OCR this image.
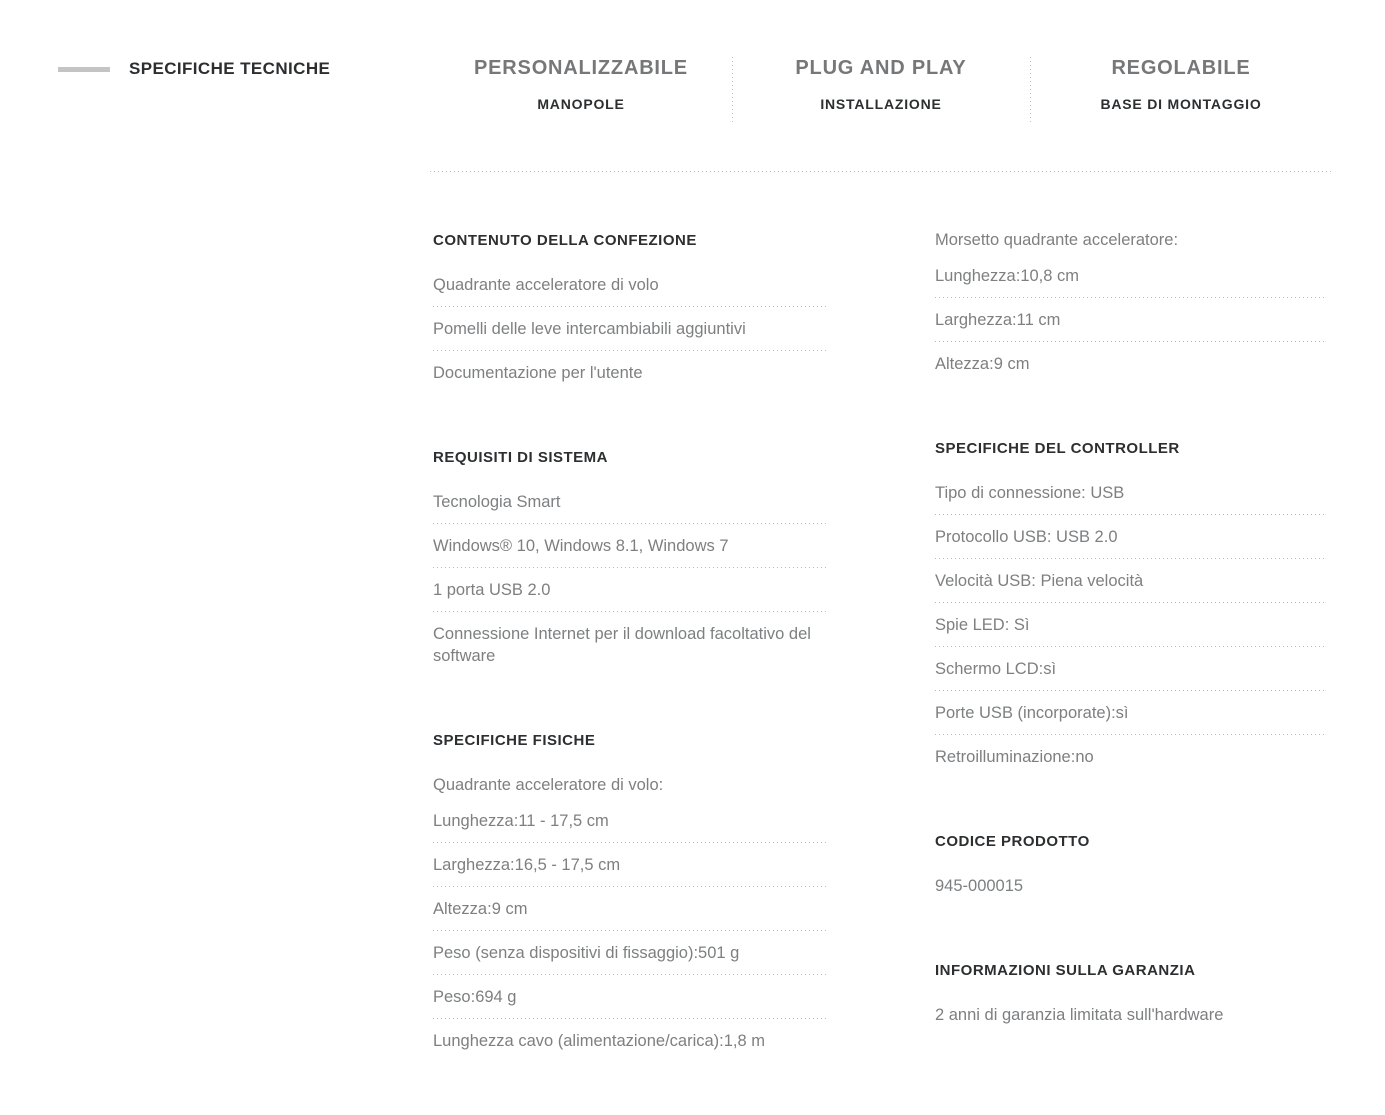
SPECIFICHE TECNICHE	PERSONALIZZABILE
MANOPOLE
PLUG AND PLAY
INSTALLAZIONE
REGOLABILE
BASE DI MONTAGGIO
CONTENUTO DELLA CONFEZIONE
Quadrante acceleratore di volo
Pomelli delle leve intercambiabili aggiuntivi
Documentazione per l'utente
REQUISITI DI SISTEMA
Tecnologia Smart
Windows® 10, Windows 8.1, Windows 7
1 porta USB 2.0
Connessione Internet per il download facoltativo del software
SPECIFICHE FISICHE
Quadrante acceleratore di volo:
Lunghezza:11 - 17,5 cm
Larghezza:16,5 - 17,5 cm
Altezza:9 cm
Peso (senza dispositivi di fissaggio):501 g
Peso:694 g
Lunghezza cavo (alimentazione/carica):1,8 m
Morsetto quadrante acceleratore:
Lunghezza:10,8 cm
Larghezza:11 cm
Altezza:9 cm
SPECIFICHE DEL CONTROLLER
Tipo di connessione: USB
Protocollo USB: USB 2.0
Velocità USB: Piena velocità
Spie LED: Sì
Schermo LCD:sì
Porte USB (incorporate):sì
Retroilluminazione:no
CODICE PRODOTTO
945-000015
INFORMAZIONI SULLA GARANZIA
2 anni di garanzia limitata sull'hardware
